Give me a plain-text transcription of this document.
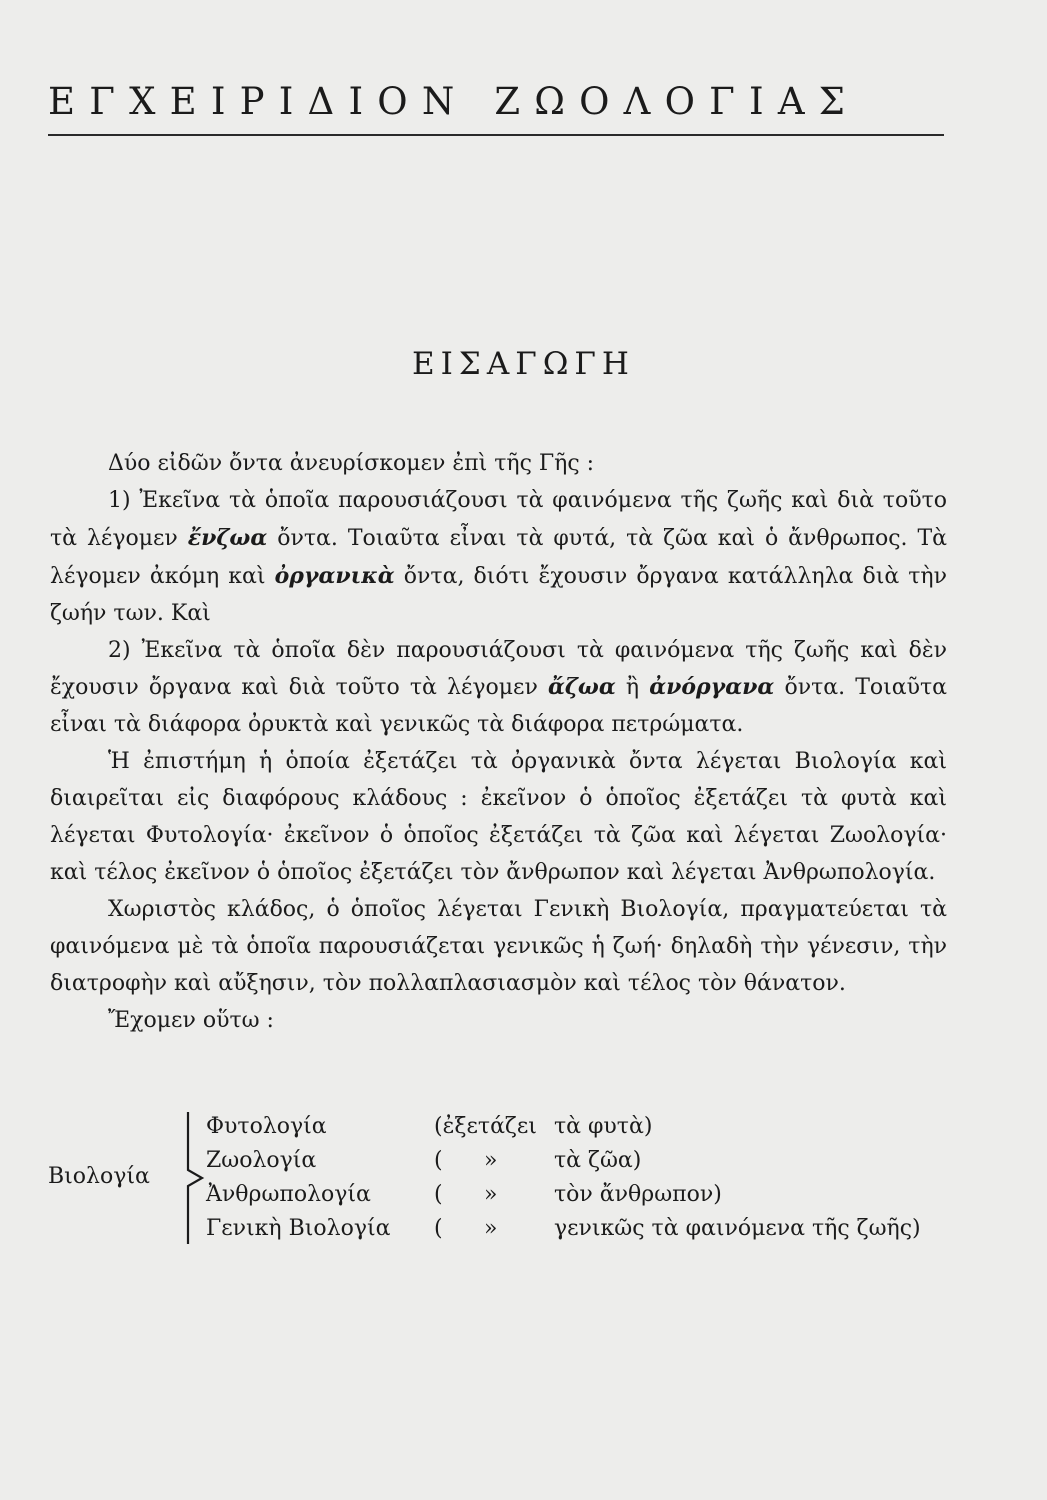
ΕΓΧΕΙΡΙΔΙΟΝ ΖΩΟΛΟΓΙΑΣ
ΕΙΣΑΓΩΓΗ

Δύο εἰδῶν ὄντα ἀνευρίσκομεν ἐπὶ τῆς Γῆς :

1) Ἐκεῖνα τὰ ὁποῖα παρουσιάζουσι τὰ φαινόμενα τῆς ζωῆς καὶ διὰ τοῦτο τὰ λέγομεν ἔνζωα ὄντα. Τοιαῦτα εἶναι τὰ φυτά, τὰ ζῶα καὶ ὁ ἄνθρωπος. Τὰ λέγομεν ἀκόμη καὶ ὀργανικὰ ὄντα, διότι ἔχουσιν ὄργανα κατάλληλα διὰ τὴν ζωήν των. Καὶ

2) Ἐκεῖνα τὰ ὁποῖα δὲν παρουσιάζουσι τὰ φαινόμενα τῆς ζωῆς καὶ δὲν ἔχουσιν ὄργανα καὶ διὰ τοῦτο τὰ λέγομεν ἄζωα ἢ ἀνόργανα ὄντα. Τοιαῦτα εἶναι τὰ διάφορα ὀρυκτὰ καὶ γενικῶς τὰ διάφορα πετρώματα.

Ἡ ἐπιστήμη ἡ ὁποία ἐξετάζει τὰ ὀργανικὰ ὄντα λέγεται Βιολογία καὶ διαιρεῖται εἰς διαφόρους κλάδους : ἐκεῖνον ὁ ὁποῖος ἐξετάζει τὰ φυτὰ καὶ λέγεται Φυτολογία· ἐκεῖνον ὁ ὁποῖος ἐξετάζει τὰ ζῶα καὶ λέγεται Ζωολογία· καὶ τέλος ἐκεῖνον ὁ ὁποῖος ἐξετάζει τὸν ἄνθρωπον καὶ λέγεται Ἀνθρωπολογία.

Χωριστὸς κλάδος, ὁ ὁποῖος λέγεται Γενικὴ Βιολογία, πραγματεύεται τὰ φαινόμενα μὲ τὰ ὁποῖα παρουσιάζεται γενικῶς ἡ ζωή· δηλαδὴ τὴν γένεσιν, τὴν διατροφὴν καὶ αὔξησιν, τὸν πολλαπλασιασμὸν καὶ τέλος τὸν θάνατον.

Ἔχομεν οὕτω :

Βιολογία
Φυτολογία	(ἐξετάζει τὰ φυτὰ)
Ζωολογία	( »	τὰ ζῶα)
Ἀνθρωπολογία	( »	τὸν ἄνθρωπον)
Γενικὴ Βιολογία ( »	γενικῶς τὰ φαινόμενα τῆς ζωῆς)
